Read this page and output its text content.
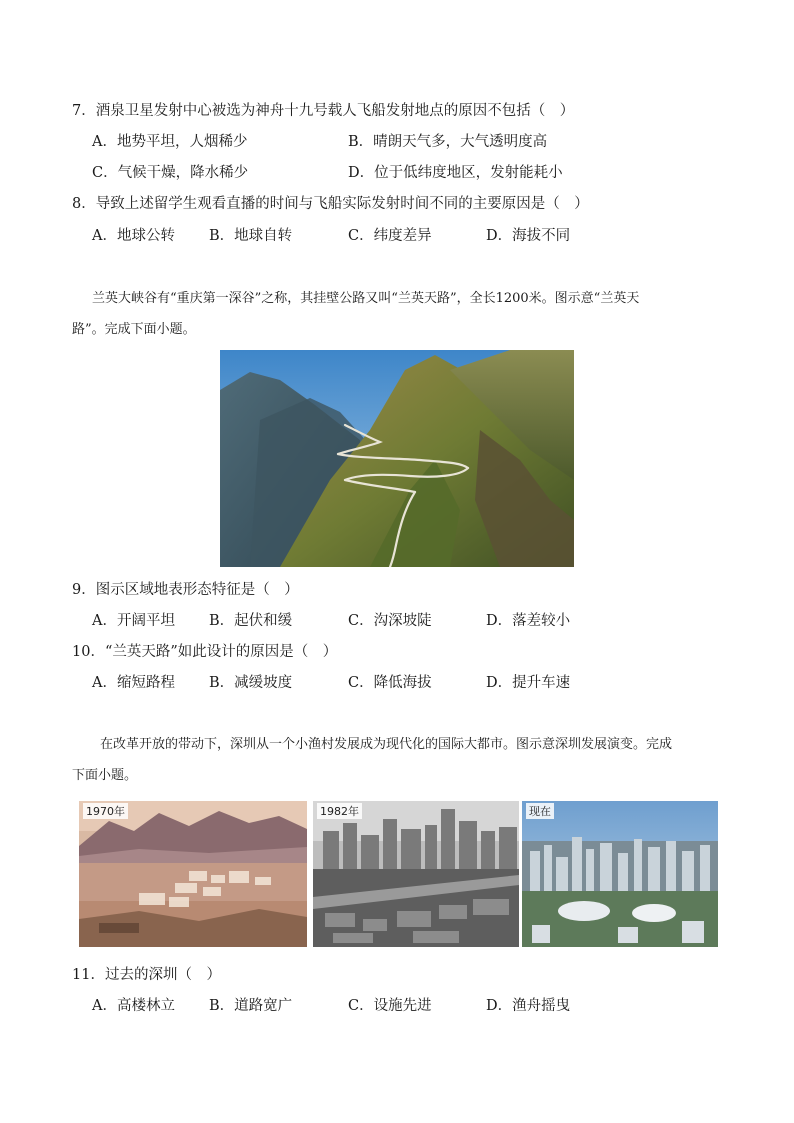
7．酒泉卫星发射中心被选为神舟十九号载人飞船发射地点的原因不包括（　）
A．地势平坦，人烟稀少	B．晴朗天气多，大气透明度高
C．气候干燥，降水稀少	D．位于低纬度地区，发射能耗小
8．导致上述留学生观看直播的时间与飞船实际发射时间不同的主要原因是（　）
A．地球公转 B．地球自转	C．纬度差异	D．海拔不同
兰英大峡谷有“重庆第一深谷”之称，其挂壁公路又叫“兰英天路”，全长1200米。图示意“兰英天
路”。完成下面小题。
9．图示区域地表形态特征是（　）
A．开阔平坦 B．起伏和缓	C．沟深坡陡	D．落差较小
10．“兰英天路”如此设计的原因是（　）
A．缩短路程 B．减缓坡度	C．降低海拔	D．提升车速
在改革开放的带动下，深圳从一个小渔村发展成为现代化的国际大都市。图示意深圳发展演变。完成
下面小题。
1970年	1982年	现在
11．过去的深圳（　）
A．高楼林立 B．道路宽广	C．设施先进	D．渔舟摇曳
